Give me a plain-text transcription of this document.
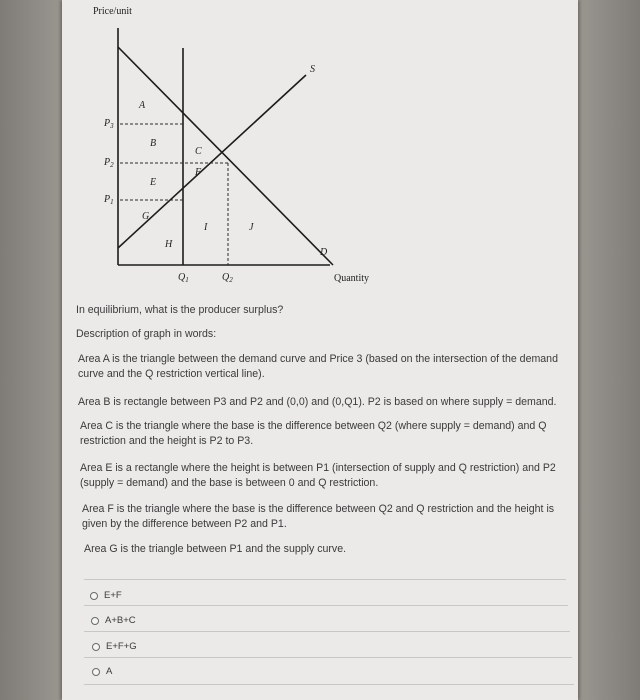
Price/unit
Quantity
$P_3$
$P_2$
$P_1$
$Q_1$	$Q_2$
S
D
A
B
C
E
F
G
H
I	J
In equilibrium, what is the producer surplus?
Description of graph in words:
Area A is the triangle between the demand curve and Price 3 (based on the intersection of the demand curve and the Q restriction vertical line).
Area B is rectangle between P3 and P2 and (0,0) and (0,Q1). P2 is based on where supply = demand.
Area C is the triangle where the base is the difference between Q2 (where supply = demand) and Q restriction and the height is P2 to P3.
Area E is a rectangle where the height is between P1 (intersection of supply and Q restriction) and P2 (supply = demand) and the base is between 0 and Q restriction.
Area F is the triangle where the base is the difference between Q2 and Q restriction and the height is given by the difference between P2 and P1.
Area G is the triangle between P1 and the supply curve.
E+F
A+B+C
E+F+G
A
